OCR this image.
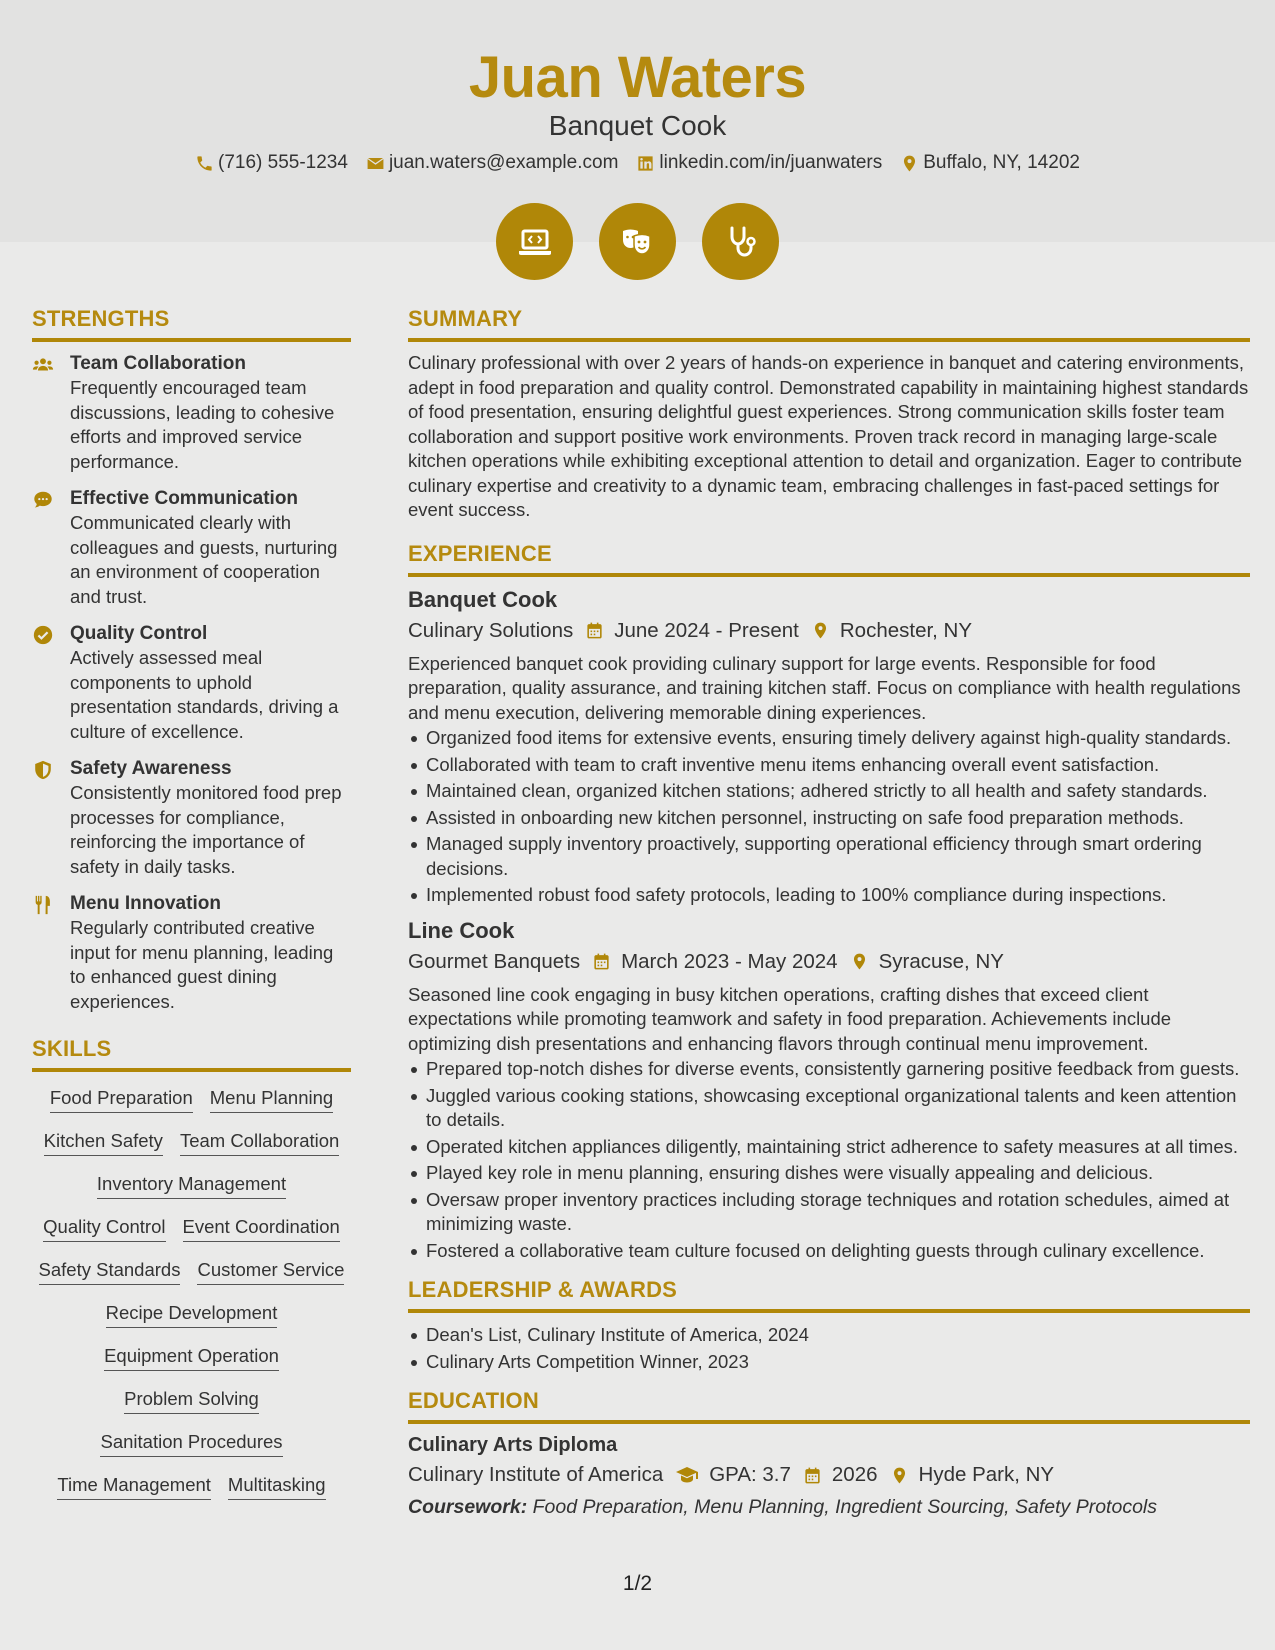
Juan Waters
Banquet Cook
(716) 555-1234 juan.waters@example.com linkedin.com/in/juanwaters Buffalo, NY, 14202
STRENGTHS
Team Collaboration
Frequently encouraged team discussions, leading to cohesive efforts and improved service performance.
Effective Communication
Communicated clearly with colleagues and guests, nurturing an environment of cooperation and trust.
Quality Control
Actively assessed meal components to uphold presentation standards, driving a culture of excellence.
Safety Awareness
Consistently monitored food prep processes for compliance, reinforcing the importance of safety in daily tasks.
Menu Innovation
Regularly contributed creative input for menu planning, leading to enhanced guest dining experiences.
SKILLS
Food Preparation Menu Planning
Kitchen Safety Team Collaboration
Inventory Management
Quality Control Event Coordination
Safety Standards Customer Service
Recipe Development
Equipment Operation
Problem Solving
Sanitation Procedures
Time Management Multitasking
SUMMARY
Culinary professional with over 2 years of hands-on experience in banquet and catering environments, adept in food preparation and quality control. Demonstrated capability in maintaining highest standards of food presentation, ensuring delightful guest experiences. Strong communication skills foster team collaboration and support positive work environments. Proven track record in managing large-scale kitchen operations while exhibiting exceptional attention to detail and organization. Eager to contribute culinary expertise and creativity to a dynamic team, embracing challenges in fast-paced settings for event success.
EXPERIENCE
Banquet Cook
Culinary Solutions June 2024 - Present Rochester, NY
Experienced banquet cook providing culinary support for large events. Responsible for food preparation, quality assurance, and training kitchen staff. Focus on compliance with health regulations and menu execution, delivering memorable dining experiences.
Organized food items for extensive events, ensuring timely delivery against high-quality standards.
Collaborated with team to craft inventive menu items enhancing overall event satisfaction.
Maintained clean, organized kitchen stations; adhered strictly to all health and safety standards.
Assisted in onboarding new kitchen personnel, instructing on safe food preparation methods.
Managed supply inventory proactively, supporting operational efficiency through smart ordering decisions.
Implemented robust food safety protocols, leading to 100% compliance during inspections.
Line Cook
Gourmet Banquets March 2023 - May 2024 Syracuse, NY
Seasoned line cook engaging in busy kitchen operations, crafting dishes that exceed client expectations while promoting teamwork and safety in food preparation. Achievements include optimizing dish presentations and enhancing flavors through continual menu improvement.
Prepared top-notch dishes for diverse events, consistently garnering positive feedback from guests.
Juggled various cooking stations, showcasing exceptional organizational talents and keen attention to details.
Operated kitchen appliances diligently, maintaining strict adherence to safety measures at all times.
Played key role in menu planning, ensuring dishes were visually appealing and delicious.
Oversaw proper inventory practices including storage techniques and rotation schedules, aimed at minimizing waste.
Fostered a collaborative team culture focused on delighting guests through culinary excellence.
LEADERSHIP & AWARDS
Dean's List, Culinary Institute of America, 2024
Culinary Arts Competition Winner, 2023
EDUCATION
Culinary Arts Diploma
Culinary Institute of America GPA: 3.7 2026 Hyde Park, NY
Coursework: Food Preparation, Menu Planning, Ingredient Sourcing, Safety Protocols
1/2
